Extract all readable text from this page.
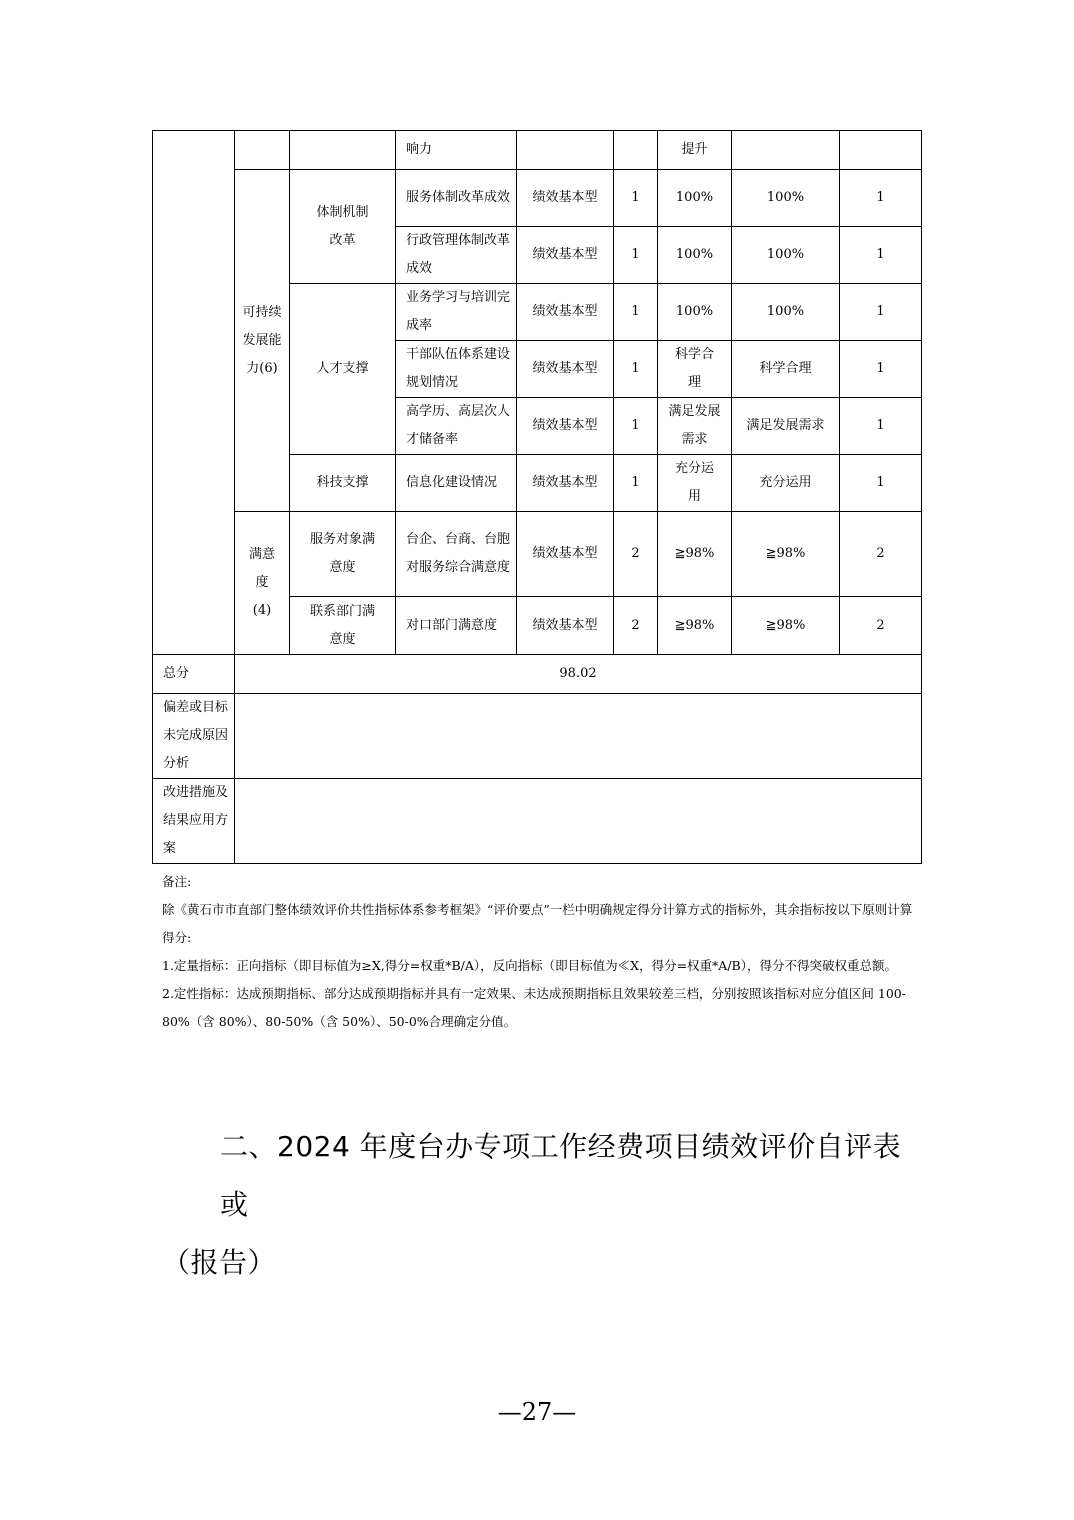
			响力			提升		
	可持续发展能力(6)	体制机制改革	服务体制改革成效	绩效基本型	1	100%	100%	1
			行政管理体制改革成效	绩效基本型	1	100%	100%	1
		人才支撑	业务学习与培训完成率	绩效基本型	1	100%	100%	1
			干部队伍体系建设规划情况	绩效基本型	1	科学合理	科学合理	1
			高学历、高层次人才储备率	绩效基本型	1	满足发展需求	满足发展需求	1
		科技支撑	信息化建设情况	绩效基本型	1	充分运用	充分运用	1
	满意度(4)	服务对象满意度	台企、台商、台胞对服务综合满意度	绩效基本型	2	≧98%	≧98%	2
		联系部门满意度	对口部门满意度	绩效基本型	2	≧98%	≧98%	2
总分	98.02							
偏差或目标未完成原因分析								
改进措施及结果应用方案								

备注:

除《黄石市市直部门整体绩效评价共性指标体系参考框架》“评价要点”一栏中明确规定得分计算方式的指标外，其余指标按以下原则计算得分:

1.定量指标：正向指标（即目标值为≥X,得分=权重*B/A），反向指标（即目标值为≪X，得分=权重*A/B），得分不得突破权重总额。

2.定性指标：达成预期指标、部分达成预期指标并具有一定效果、未达成预期指标且效果较差三档，分别按照该指标对应分值区间 100-80%（含 80%）、80-50%（含 50%）、50-0%合理确定分值。

二、2024 年度台办专项工作经费项目绩效评价自评表或
（报告）
—27—
